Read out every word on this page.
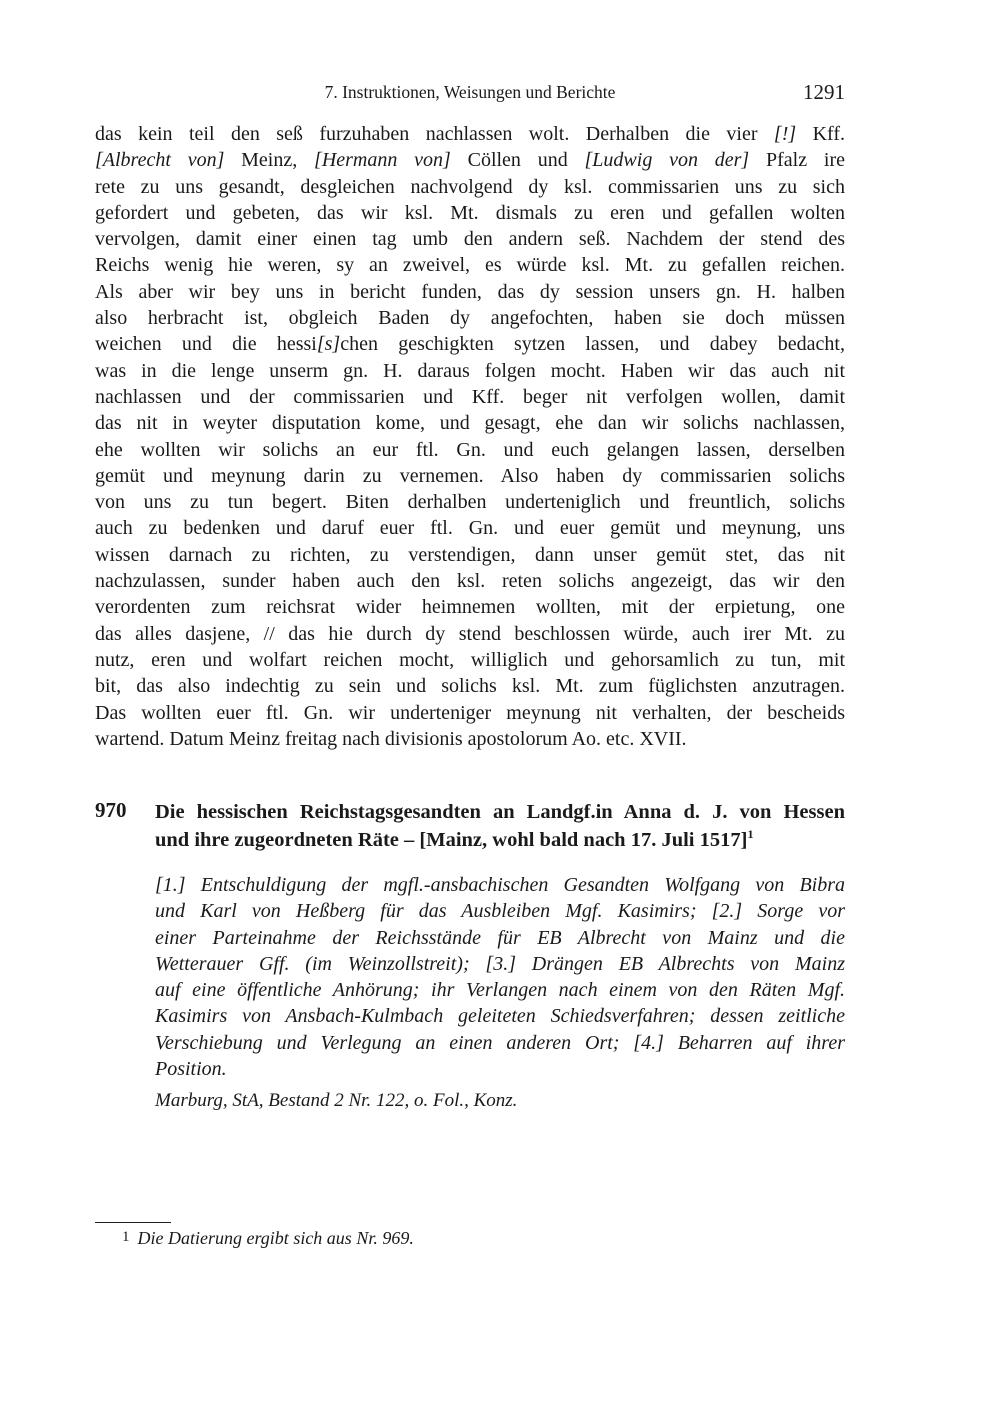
7. Instruktionen, Weisungen und Berichte	1291
das kein teil den seß furzuhaben nachlassen wolt. Derhalben die vier [!] Kff.
[Albrecht von] Meinz, [Hermann von] Cöllen und [Ludwig von der] Pfalz ire
rete zu uns gesandt, desgleichen nachvolgend dy ksl. commissarien uns zu sich
gefordert und gebeten, das wir ksl. Mt. dismals zu eren und gefallen wolten
vervolgen, damit einer einen tag umb den andern seß. Nachdem der stend des
Reichs wenig hie weren, sy an zweivel, es würde ksl. Mt. zu gefallen reichen.
Als aber wir bey uns in bericht funden, das dy session unsers gn. H. halben
also herbracht ist, obgleich Baden dy angefochten, haben sie doch müssen
weichen und die hessi[s]chen geschigkten sytzen lassen, und dabey bedacht,
was in die lenge unserm gn. H. daraus folgen mocht. Haben wir das auch nit
nachlassen und der commissarien und Kff. beger nit verfolgen wollen, damit
das nit in weyter disputation kome, und gesagt, ehe dan wir solichs nachlassen,
ehe wollten wir solichs an eur ftl. Gn. und euch gelangen lassen, derselben
gemüt und meynung darin zu vernemen. Also haben dy commissarien solichs
von uns zu tun begert. Biten derhalben underteniglich und freuntlich, solichs
auch zu bedenken und daruf euer ftl. Gn. und euer gemüt und meynung, uns
wissen darnach zu richten, zu verstendigen, dann unser gemüt stet, das nit
nachzulassen, sunder haben auch den ksl. reten solichs angezeigt, das wir den
verordenten zum reichsrat wider heimnemen wollten, mit der erpietung, one
das alles dasjene, // das hie durch dy stend beschlossen würde, auch irer Mt. zu
nutz, eren und wolfart reichen mocht, williglich und gehorsamlich zu tun, mit
bit, das also indechtig zu sein und solichs ksl. Mt. zum füglichsten anzutragen.
Das wollten euer ftl. Gn. wir underteniger meynung nit verhalten, der bescheids
wartend. Datum Meinz freitag nach divisionis apostolorum Ao. etc. XVII.
970 Die hessischen Reichstagsgesandten an Landgf.in Anna d. J. von Hessen
und ihre zugeordneten Räte – [Mainz, wohl bald nach 17. Juli 1517]$^1$
[1.] Entschuldigung der mgfl.-ansbachischen Gesandten Wolfgang von Bibra
und Karl von Heßberg für das Ausbleiben Mgf. Kasimirs; [2.] Sorge vor
einer Parteinahme der Reichsstände für EB Albrecht von Mainz und die
Wetterauer Gff. (im Weinzollstreit); [3.] Drängen EB Albrechts von Mainz
auf eine öffentliche Anhörung; ihr Verlangen nach einem von den Räten Mgf.
Kasimirs von Ansbach-Kulmbach geleiteten Schiedsverfahren; dessen zeitliche
Verschiebung und Verlegung an einen anderen Ort; [4.] Beharren auf ihrer
Position.
Marburg, StA, Bestand 2 Nr. 122, o. Fol., Konz.
1 Die Datierung ergibt sich aus Nr. 969.
